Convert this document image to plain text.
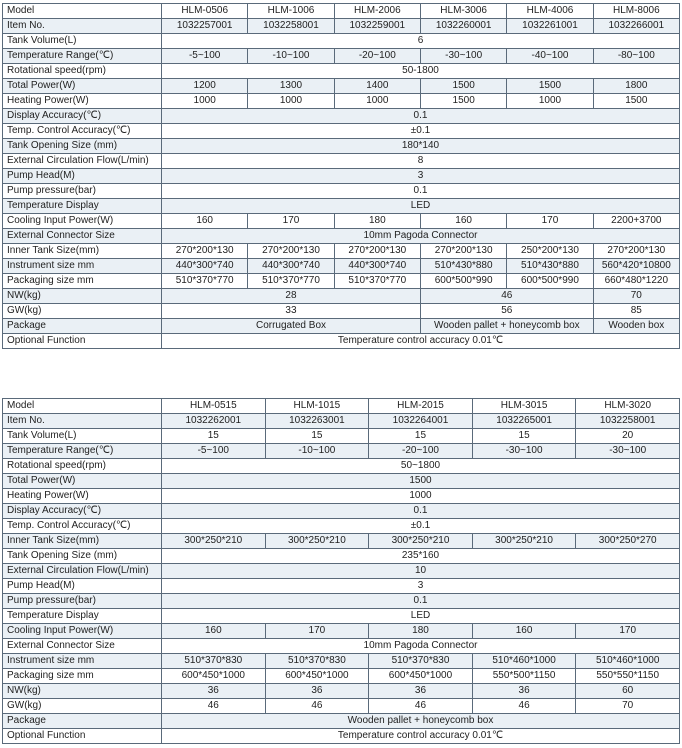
Model	HLM-0506	HLM-1006	HLM-2006	HLM-3006	HLM-4006	HLM-8006
Item No.	1032257001	1032258001	1032259001	1032260001	1032261001	1032266001
Tank Volume(L)	6					
Temperature Range(℃)	-5~100	-10~100	-20~100	-30~100	-40~100	-80~100
Rotational speed(rpm)	50-1800					
Total Power(W)	1200	1300	1400	1500	1500	1800
Heating Power(W)	1000	1000	1000	1500	1000	1500
Display Accuracy(℃)	0.1					
Temp. Control Accuracy(℃)	±0.1					
Tank Opening Size (mm)	180*140					
External Circulation Flow(L/min)	8					
Pump Head(M)	3					
Pump pressure(bar)	0.1					
Temperature Display	LED					
Cooling Input Power(W)	160	170	180	160	170	2200+3700
External Connector Size	10mm Pagoda Connector					
Inner Tank Size(mm)	270*200*130	270*200*130	270*200*130	270*200*130	250*200*130	270*200*130
Instrument size mm	440*300*740	440*300*740	440*300*740	510*430*880	510*430*880	560*420*10800
Packaging size mm	510*370*770	510*370*770	510*370*770	600*500*990	600*500*990	660*480*1220
NW(kg)	28			46		70
GW(kg)	33			56		85
Package	Corrugated Box			Wooden pallet + honeycomb box		Wooden box
Optional Function	Temperature control accuracy 0.01℃					
Model	HLM-0515	HLM-1015	HLM-2015	HLM-3015	HLM-3020
Item No.	1032262001	1032263001	1032264001	1032265001	1032258001
Tank Volume(L)	15	15	15	15	20
Temperature Range(℃)	-5~100	-10~100	-20~100	-30~100	-30~100
Rotational speed(rpm)	50~1800				
Total Power(W)	1500				
Heating Power(W)	1000				
Display Accuracy(℃)	0.1				
Temp. Control Accuracy(℃)	±0.1				
Inner Tank Size(mm)	300*250*210	300*250*210	300*250*210	300*250*210	300*250*270
Tank Opening Size (mm)	235*160				
External Circulation Flow(L/min)	10				
Pump Head(M)	3				
Pump pressure(bar)	0.1				
Temperature Display	LED				
Cooling Input Power(W)	160	170	180	160	170
External Connector Size	10mm Pagoda Connector				
Instrument size mm	510*370*830	510*370*830	510*370*830	510*460*1000	510*460*1000
Packaging size mm	600*450*1000	600*450*1000	600*450*1000	550*500*1150	550*550*1150
NW(kg)	36	36	36	36	60
GW(kg)	46	46	46	46	70
Package	Wooden pallet + honeycomb box				
Optional Function	Temperature control accuracy 0.01℃				
